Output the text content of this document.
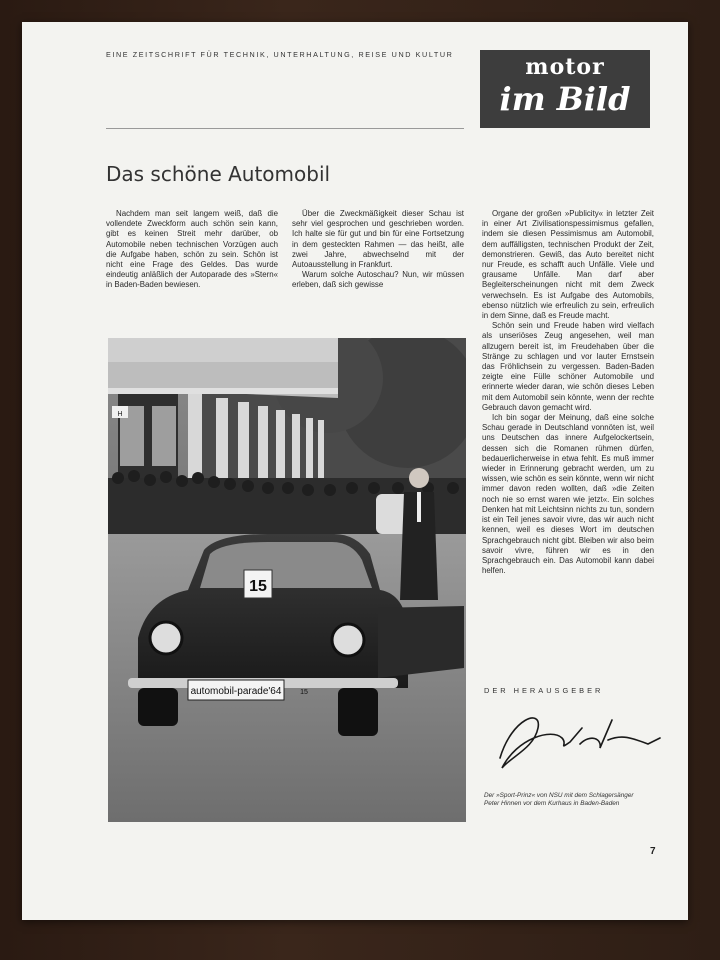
EINE ZEITSCHRIFT FÜR TECHNIK, UNTERHALTUNG, REISE UND KULTUR	motor
im Bild
Das schöne Automobil

Nachdem man seit langem weiß, daß die vollendete Zweckform auch schön sein kann, gibt es keinen Streit mehr darüber, ob Automobile neben technischen Vorzügen auch die Aufgabe haben, schön zu sein. Schön ist nicht eine Frage des Geldes. Das wurde eindeutig anläßlich der Autoparade des »Stern« in Baden-Baden bewiesen.

Über die Zweckmäßigkeit dieser Schau ist sehr viel gesprochen und geschrieben worden. Ich halte sie für gut und bin für eine Fortsetzung in dem gesteckten Rahmen — das heißt, alle zwei Jahre, abwechselnd mit der Autoausstellung in Frankfurt.

Warum solche Autoschau? Nun, wir müssen erleben, daß sich gewisse

Organe der großen »Publicity« in letzter Zeit in einer Art Zivilisationspessimismus gefallen, indem sie diesen Pessimismus am Automobil, dem auffälligsten, technischen Produkt der Zeit, demonstrieren. Gewiß, das Auto bereitet nicht nur Freude, es schafft auch Unfälle. Viele und grausame Unfälle. Man darf aber Begleiterscheinungen nicht mit dem Zweck verwechseln. Es ist Aufgabe des Automobils, ebenso nützlich wie erfreulich zu sein, erfreulich in dem Sinne, daß es Freude macht.

Schön sein und Freude haben wird vielfach als unseriöses Zeug angesehen, weil man allzugern bereit ist, im Freudehaben über die Stränge zu schlagen und vor lauter Ernstsein das Fröhlichsein zu vergessen. Baden-Baden zeigte eine Fülle schöner Automobile und erinnerte wieder daran, wie schön dieses Leben mit dem Automobil sein könnte, wenn der rechte Gebrauch davon gemacht wird.

Ich bin sogar der Meinung, daß eine solche Schau gerade in Deutschland vonnöten ist, weil uns Deutschen das innere Aufgelockertsein, dessen sich die Romanen rühmen dürfen, bedauerlicherweise in etwa fehlt. Es muß immer wieder in Erinnerung gebracht werden, um zu wissen, wie schön es sein könnte, wenn wir nicht immer davon reden wollten, daß »die Zeiten noch nie so ernst waren wie jetzt«. Ein solches Denken hat mit Leichtsinn nichts zu tun, sondern ist ein Teil jenes savoir vivre, das wir auch nicht kennen, weil es dieses Wort im deutschen Sprachgebrauch nicht gibt. Bleiben wir also beim savoir vivre, führen wir es in den Sprachgebrauch ein. Das Automobil kann dabei helfen.

H
15
automobil-parade'64	15	DER HERAUSGEBER
Der »Sport-Prinz« von NSU mit dem Schlagersänger Peter Hinnen vor dem Kurhaus in Baden-Baden
7
